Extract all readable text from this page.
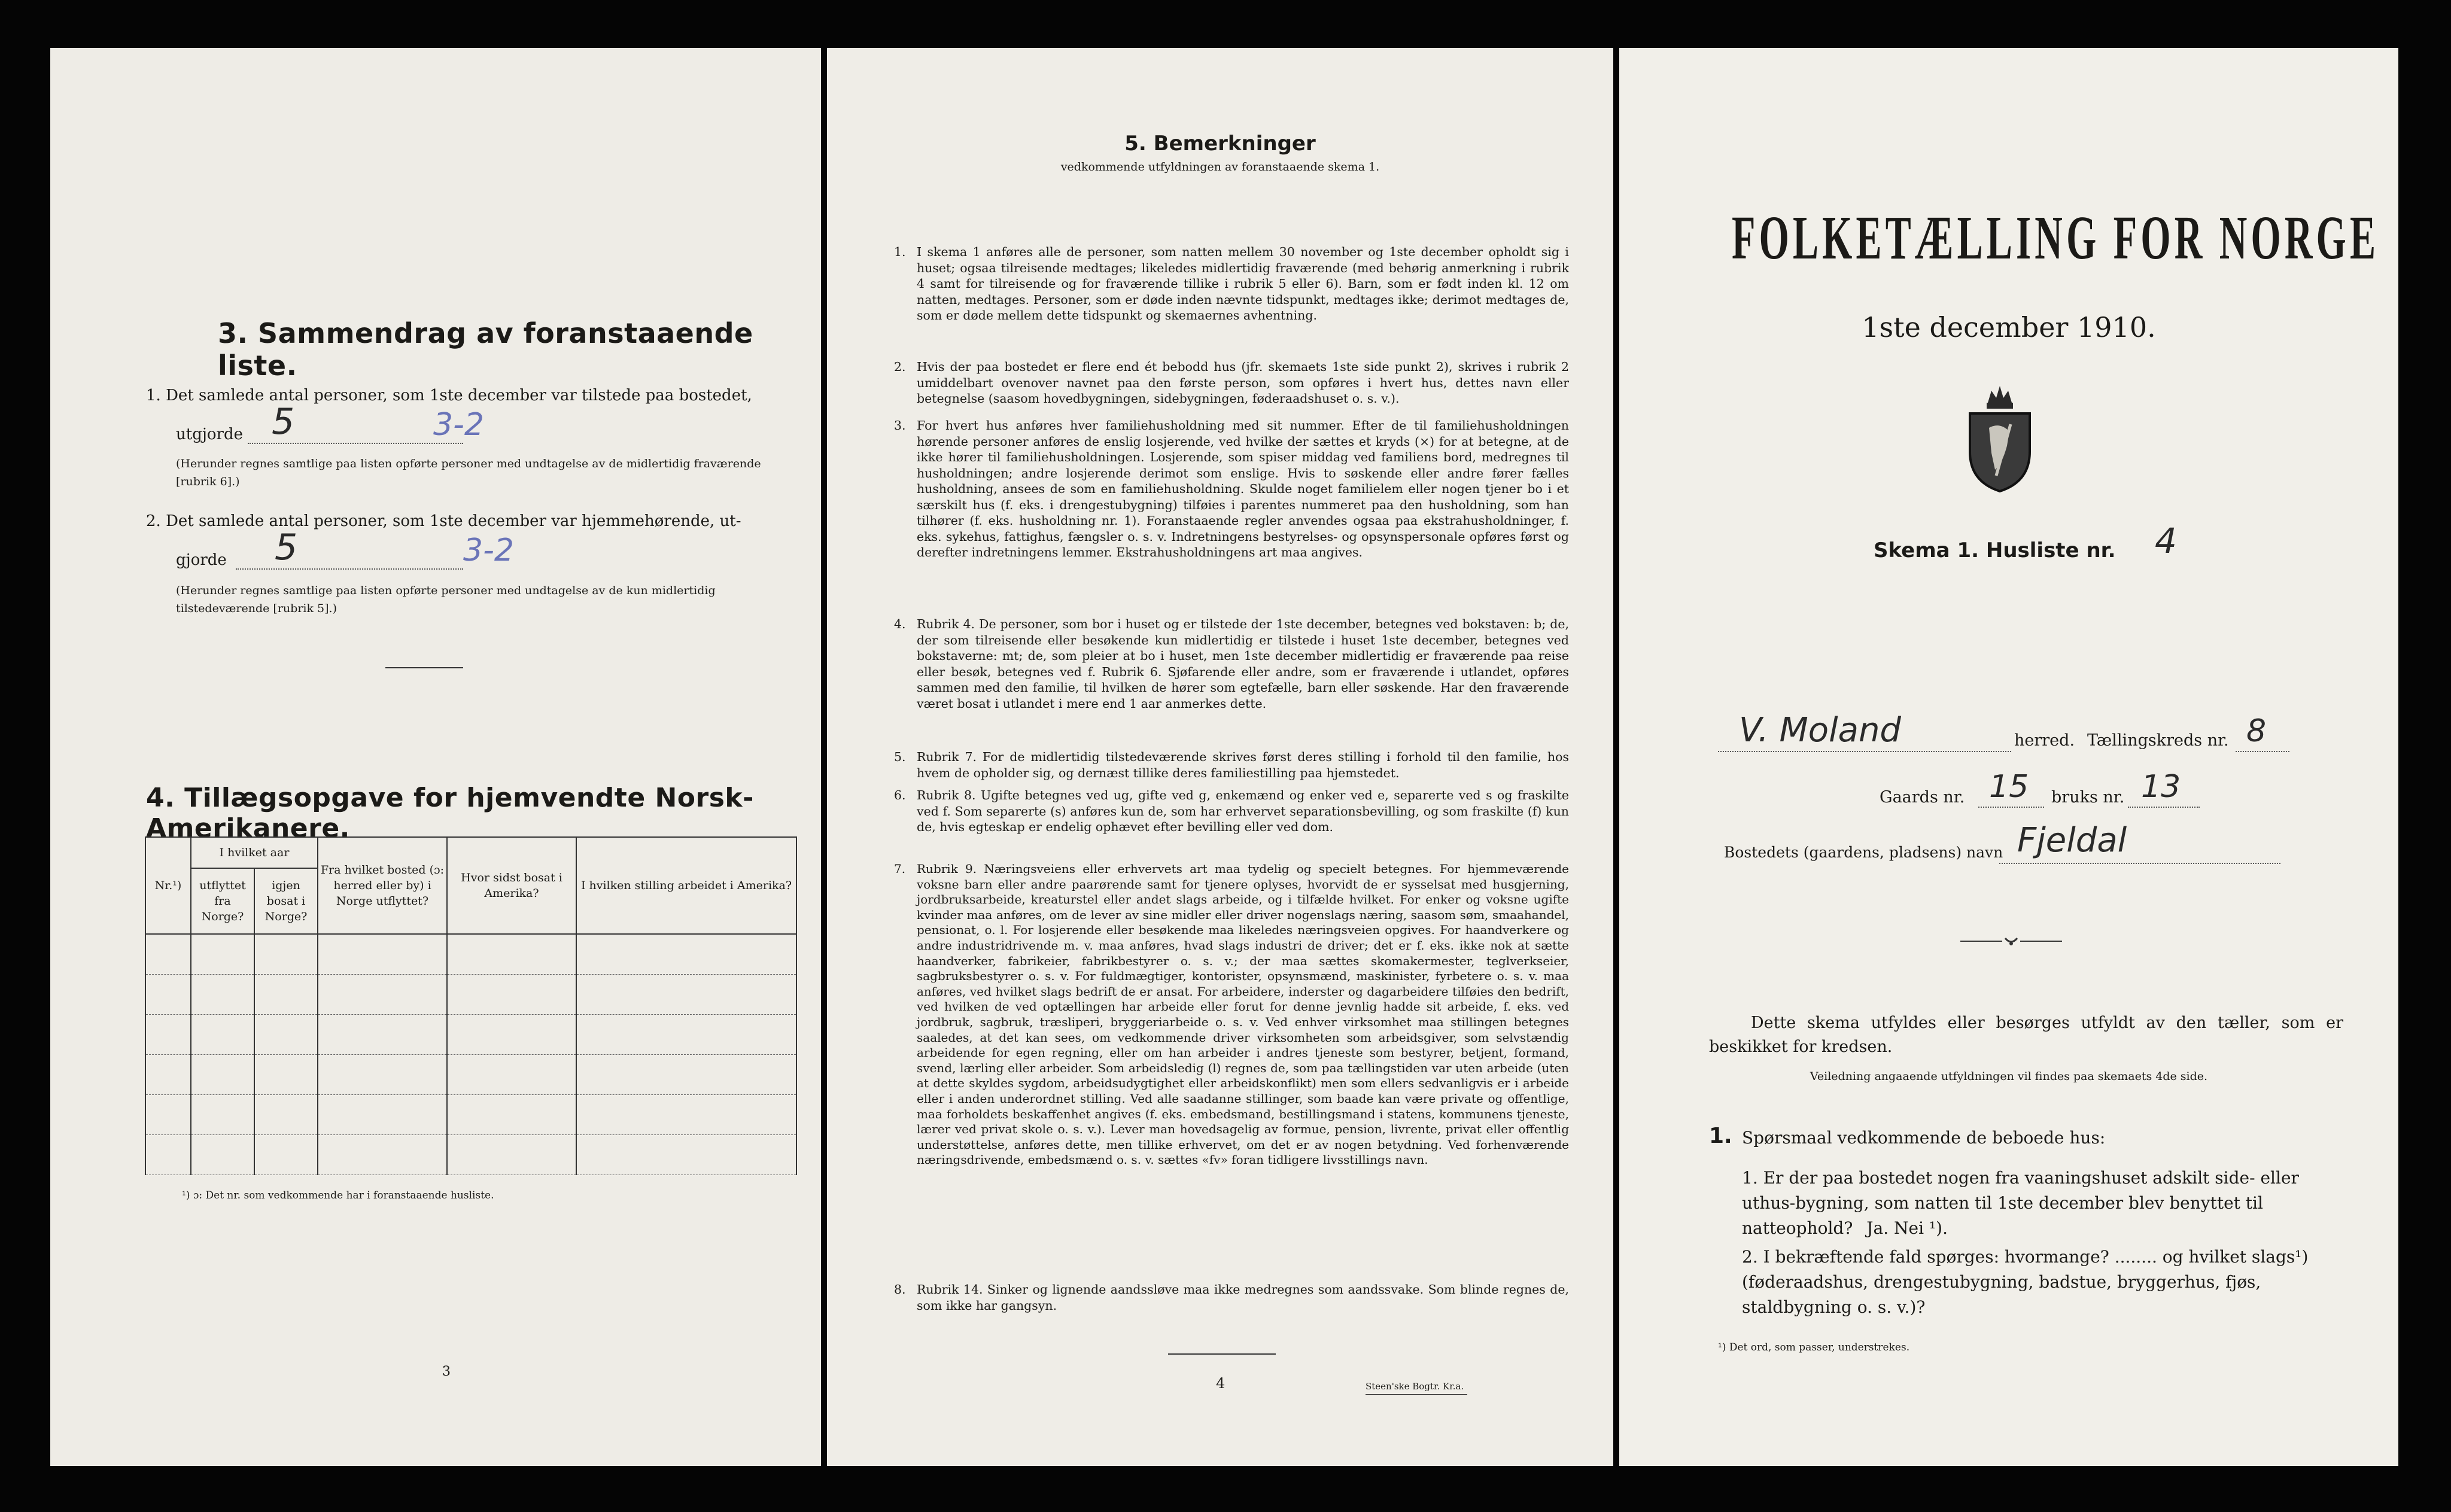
3. Sammendrag av foranstaaende liste.
1. Det samlede antal personer, som 1ste december var tilstede paa bostedet,
utgjorde 5	3-2
(Herunder regnes samtlige paa listen opførte personer med undtagelse av de midlertidig fraværende [rubrik 6].)
2. Det samlede antal personer, som 1ste december var hjemmehørende, ut-
gjorde 5	3-2
(Herunder regnes samtlige paa listen opførte personer med undtagelse av de kun midlertidig tilstedeværende [rubrik 5].)
4. Tillægsopgave for hjemvendte Norsk-Amerikanere.
Nr.¹)	I hvilket aar		Fra hvilket bosted (ɔ: herred eller by) i Norge utflyttet?	Hvor sidst bosat i Amerika?	I hvilken stilling arbeidet i Amerika?
	utflyttet fra Norge?	igjen bosat i Norge?			

¹) ɔ: Det nr. som vedkommende har i foranstaaende husliste.
3
5. Bemerkninger
vedkommende utfyldningen av foranstaaende skema 1.
1. I skema 1 anføres alle de personer, som natten mellem 30 november og 1ste december opholdt sig i huset; ogsaa tilreisende medtages; likeledes midlertidig fraværende (med behørig anmerkning i rubrik 4 samt for tilreisende og for fraværende tillike i rubrik 5 eller 6). Barn, som er født inden kl. 12 om natten, medtages. Personer, som er døde inden nævnte tidspunkt, medtages ikke; derimot medtages de, som er døde mellem dette tidspunkt og skemaernes avhentning.
2. Hvis der paa bostedet er flere end ét bebodd hus (jfr. skemaets 1ste side punkt 2), skrives i rubrik 2 umiddelbart ovenover navnet paa den første person, som opføres i hvert hus, dettes navn eller betegnelse (saasom hovedbygningen, sidebygningen, føderaadshuset o. s. v.).
3. For hvert hus anføres hver familiehusholdning med sit nummer. Efter de til familiehusholdningen hørende personer anføres de enslig losjerende, ved hvilke der sættes et kryds (×) for at betegne, at de ikke hører til familiehusholdningen. Losjerende, som spiser middag ved familiens bord, medregnes til husholdningen; andre losjerende derimot som enslige. Hvis to søskende eller andre fører fælles husholdning, ansees de som en familiehusholdning. Skulde noget familielem eller nogen tjener bo i et særskilt hus (f. eks. i drengestubygning) tilføies i parentes nummeret paa den husholdning, som han tilhører (f. eks. husholdning nr. 1). Foranstaaende regler anvendes ogsaa paa ekstrahusholdninger, f. eks. sykehus, fattighus, fængsler o. s. v. Indretningens bestyrelses- og opsynspersonale opføres først og derefter indretningens lemmer. Ekstrahusholdningens art maa angives.
4. Rubrik 4. De personer, som bor i huset og er tilstede der 1ste december, betegnes ved bokstaven: b; de, der som tilreisende eller besøkende kun midlertidig er tilstede i huset 1ste december, betegnes ved bokstaverne: mt; de, som pleier at bo i huset, men 1ste december midlertidig er fraværende paa reise eller besøk, betegnes ved f. Rubrik 6. Sjøfarende eller andre, som er fraværende i utlandet, opføres sammen med den familie, til hvilken de hører som egtefælle, barn eller søskende. Har den fraværende været bosat i utlandet i mere end 1 aar anmerkes dette.
5. Rubrik 7. For de midlertidig tilstedeværende skrives først deres stilling i forhold til den familie, hos hvem de opholder sig, og dernæst tillike deres familiestilling paa hjemstedet.
6. Rubrik 8. Ugifte betegnes ved ug, gifte ved g, enkemænd og enker ved e, separerte ved s og fraskilte ved f. Som separerte (s) anføres kun de, som har erhvervet separationsbevilling, og som fraskilte (f) kun de, hvis egteskap er endelig ophævet efter bevilling eller ved dom.
7. Rubrik 9. Næringsveiens eller erhvervets art maa tydelig og specielt betegnes. For hjemmeværende voksne barn eller andre paarørende samt for tjenere oplyses, hvorvidt de er sysselsat med husgjerning, jordbruksarbeide, kreaturstel eller andet slags arbeide, og i tilfælde hvilket. For enker og voksne ugifte kvinder maa anføres, om de lever av sine midler eller driver nogenslags næring, saasom søm, smaahandel, pensionat, o. l. For losjerende eller besøkende maa likeledes næringsveien opgives. For haandverkere og andre industridrivende m. v. maa anføres, hvad slags industri de driver; det er f. eks. ikke nok at sætte haandverker, fabrikeier, fabrikbestyrer o. s. v.; der maa sættes skomakermester, teglverkseier, sagbruksbestyrer o. s. v. For fuldmægtiger, kontorister, opsynsmænd, maskinister, fyrbetere o. s. v. maa anføres, ved hvilket slags bedrift de er ansat. For arbeidere, inderster og dagarbeidere tilføies den bedrift, ved hvilken de ved optællingen har arbeide eller forut for denne jevnlig hadde sit arbeide, f. eks. ved jordbruk, sagbruk, træsliperi, bryggeriarbeide o. s. v. Ved enhver virksomhet maa stillingen betegnes saaledes, at det kan sees, om vedkommende driver virksomheten som arbeidsgiver, som selvstændig arbeidende for egen regning, eller om han arbeider i andres tjeneste som bestyrer, betjent, formand, svend, lærling eller arbeider. Som arbeidsledig (l) regnes de, som paa tællingstiden var uten arbeide (uten at dette skyldes sygdom, arbeidsudygtighet eller arbeidskonflikt) men som ellers sedvanligvis er i arbeide eller i anden underordnet stilling. Ved alle saadanne stillinger, som baade kan være private og offentlige, maa forholdets beskaffenhet angives (f. eks. embedsmand, bestillingsmand i statens, kommunens tjeneste, lærer ved privat skole o. s. v.). Lever man hovedsagelig av formue, pension, livrente, privat eller offentlig understøttelse, anføres dette, men tillike erhvervet, om det er av nogen betydning. Ved forhenværende næringsdrivende, embedsmænd o. s. v. sættes «fv» foran tidligere livsstillings navn.
8. Rubrik 14. Sinker og lignende aandssløve maa ikke medregnes som aandssvake. Som blinde regnes de, som ikke har gangsyn.
4	Steen'ske Bogtr. Kr.a.
FOLKETÆLLING FOR NORGE
1ste december 1910.
Skema 1. Husliste nr. 4
V. Moland	herred. Tællingskreds nr. 8
Gaards nr. 15 bruks nr. 13
Bostedets (gaardens, pladsens) navn Fjeldal
Dette skema utfyldes eller besørges utfyldt av den tæller, som er beskikket for kredsen.
Veiledning angaaende utfyldningen vil findes paa skemaets 4de side.
1. Spørsmaal vedkommende de beboede hus:
1. Er der paa bostedet nogen fra vaaningshuset adskilt side- eller uthus-bygning, som natten til 1ste december blev benyttet til natteophold? Ja. Nei ¹).
2. I bekræftende fald spørges: hvormange? ........ og hvilket slags¹) (føderaadshus, drengestubygning, badstue, bryggerhus, fjøs, staldbygning o. s. v.)?
¹) Det ord, som passer, understrekes.
